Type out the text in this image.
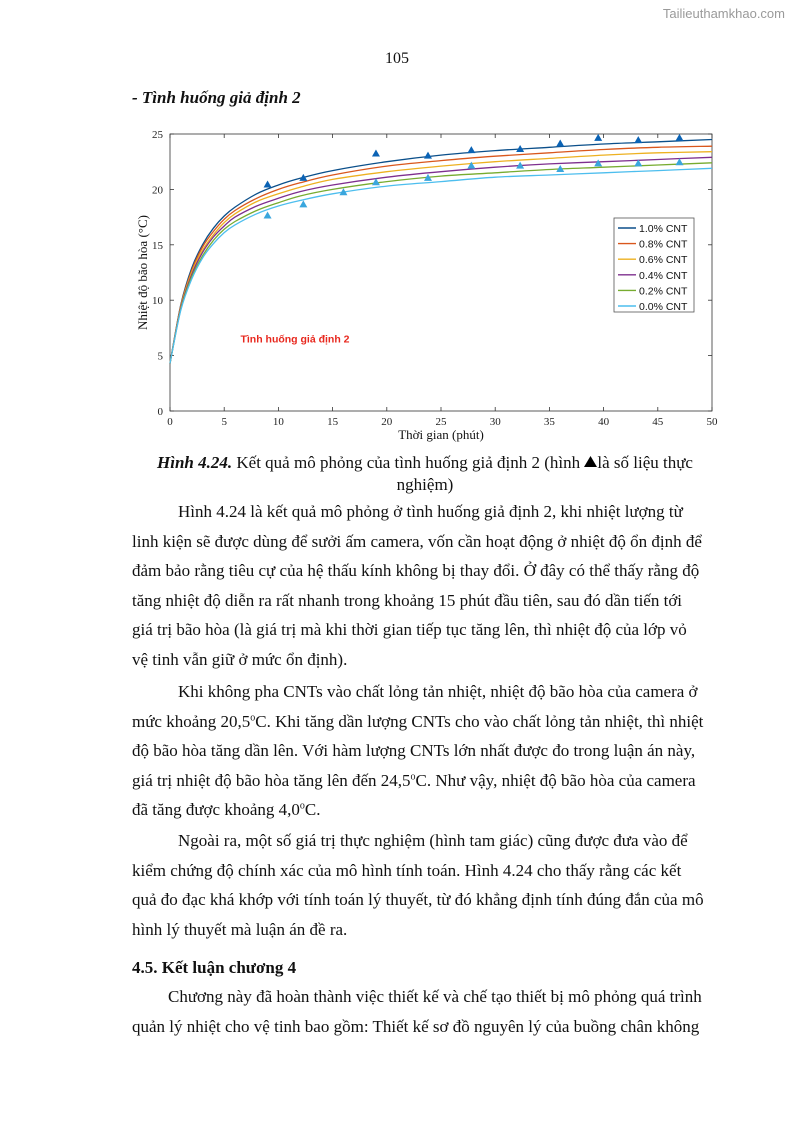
Tailieuthamkhao.com
105
- Tình huống giả định 2
0	5	10	15	20	25	30	35	40	45	50
0
5
10
15
20
25
Thời gian (phút)
Nhiệt độ bão hòa (°C)
Tình huống giả định 2
1.0% CNT
0.8% CNT
0.6% CNT
0.4% CNT
0.2% CNT
0.0% CNT
Hình 4.24. Kết quả mô phỏng của tình huống giả định 2 (hình là số liệu thực
nghiệm)

Hình 4.24 là kết quả mô phỏng ở tình huống giả định 2, khi nhiệt lượng từ
linh kiện sẽ được dùng để sưởi ấm camera, vốn cần hoạt động ở nhiệt độ ổn định để
đảm bảo rằng tiêu cự của hệ thấu kính không bị thay đổi. Ở đây có thể thấy rằng độ
tăng nhiệt độ diễn ra rất nhanh trong khoảng 15 phút đầu tiên, sau đó dần tiến tới
giá trị bão hòa (là giá trị mà khi thời gian tiếp tục tăng lên, thì nhiệt độ của lớp vỏ
vệ tinh vẫn giữ ở mức ổn định).

Khi không pha CNTs vào chất lỏng tản nhiệt, nhiệt độ bão hòa của camera ở
mức khoảng 20,5$^o$C. Khi tăng dần lượng CNTs cho vào chất lỏng tản nhiệt, thì nhiệt
độ bão hòa tăng dần lên. Với hàm lượng CNTs lớn nhất được đo trong luận án này,
giá trị nhiệt độ bão hòa tăng lên đến 24,5$^o$C. Như vậy, nhiệt độ bão hòa của camera
đã tăng được khoảng 4,0$^o$C.

Ngoài ra, một số giá trị thực nghiệm (hình tam giác) cũng được đưa vào để
kiểm chứng độ chính xác của mô hình tính toán. Hình 4.24 cho thấy rằng các kết
quả đo đạc khá khớp với tính toán lý thuyết, từ đó khẳng định tính đúng đắn của mô
hình lý thuyết mà luận án đề ra.

4.5. Kết luận chương 4

Chương này đã hoàn thành việc thiết kế và chế tạo thiết bị mô phỏng quá trình
quản lý nhiệt cho vệ tinh bao gồm: Thiết kế sơ đồ nguyên lý của buồng chân không
